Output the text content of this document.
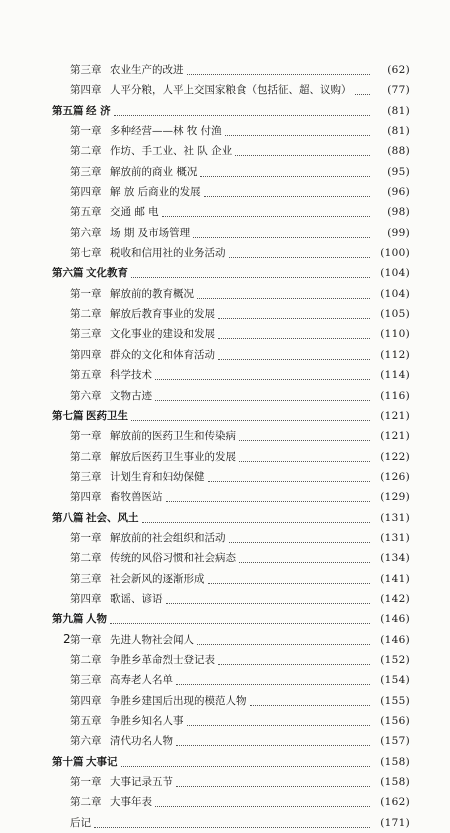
第三章 农业生产的改进	(62)
第四章 人平分粮，人平上交国家粮食（包括征、超、议购）	(77)
第五篇 经 济	(81)
第一章 多种经营——林 牧 付渔	(81)
第二章 作坊、手工业、社 队 企业	(88)
第三章 解放前的商业 概况	(95)
第四章 解 放 后商业的发展	(96)
第五章 交通 邮 电	(98)
第六章 场 期 及市场管理	(99)
第七章 税收和信用社的业务活动	(100)
第六篇 文化教育	(104)
第一章 解放前的教育概况	(104)
第二章 解放后教育事业的发展	(105)
第三章 文化事业的建设和发展	(110)
第四章 群众的文化和体育活动	(112)
第五章 科学技术	(114)
第六章 文物古迹	(116)
第七篇 医药卫生	(121)
第一章 解放前的医药卫生和传染病	(121)
第二章 解放后医药卫生事业的发展	(122)
第三章 计划生育和妇幼保健	(126)
第四章 畜牧兽医站	(129)
第八篇 社会、风土	(131)
第一章 解放前的社会组织和活动	(131)
第二章 传统的风俗习惯和社会病态	(134)
第三章 社会新风的逐渐形成	(141)
第四章 歌谣、谚语	(142)
第九篇 人物	(146)
第一章 先进人物社会闻人	(146)
第二章 争胜乡革命烈士登记表	(152)
第三章 高寿老人名单	(154)
第四章 争胜乡建国后出现的模范人物	(155)
第五章 争胜乡知名人事	(156)
第六章 清代功名人物	(157)
第十篇 大事记	(158)
第一章 大事记录五节	(158)
第二章 大事年表	(162)
后记	(171)
2
